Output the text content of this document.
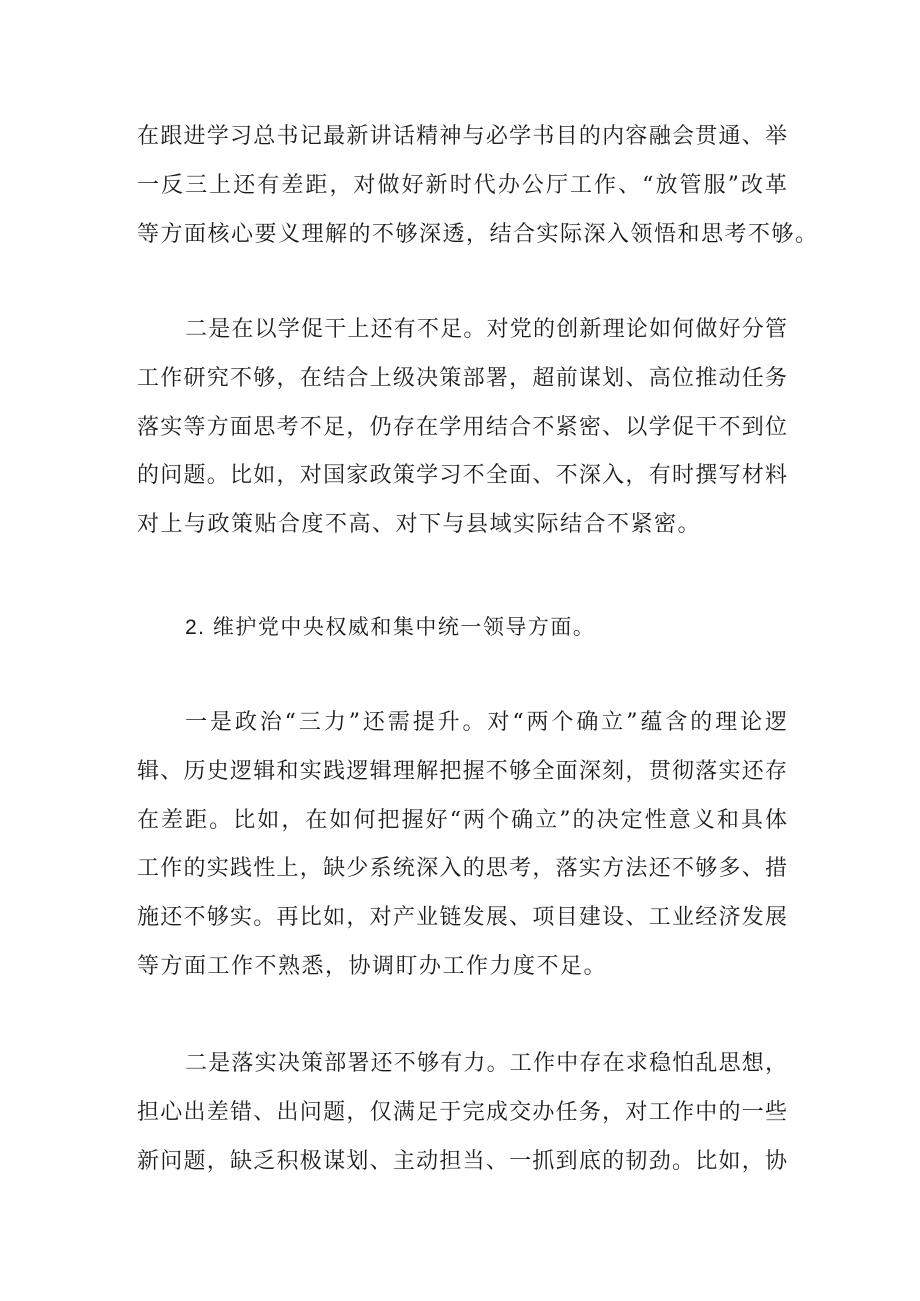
在跟进学习总书记最新讲话精神与必学书目的内容融会贯通、举
一反三上还有差距，对做好新时代办公厅工作、“放管服”改革
等方面核心要义理解的不够深透，结合实际深入领悟和思考不够。
二是在以学促干上还有不足。对党的创新理论如何做好分管
工作研究不够，在结合上级决策部署，超前谋划、高位推动任务
落实等方面思考不足，仍存在学用结合不紧密、以学促干不到位
的问题。比如，对国家政策学习不全面、不深入，有时撰写材料
对上与政策贴合度不高、对下与县域实际结合不紧密。
2. 维护党中央权威和集中统一领导方面。
一是政治“三力”还需提升。对“两个确立”蕴含的理论逻
辑、历史逻辑和实践逻辑理解把握不够全面深刻，贯彻落实还存
在差距。比如，在如何把握好“两个确立”的决定性意义和具体
工作的实践性上，缺少系统深入的思考，落实方法还不够多、措
施还不够实。再比如，对产业链发展、项目建设、工业经济发展
等方面工作不熟悉，协调盯办工作力度不足。
二是落实决策部署还不够有力。工作中存在求稳怕乱思想，
担心出差错、出问题，仅满足于完成交办任务，对工作中的一些
新问题，缺乏积极谋划、主动担当、一抓到底的韧劲。比如，协
